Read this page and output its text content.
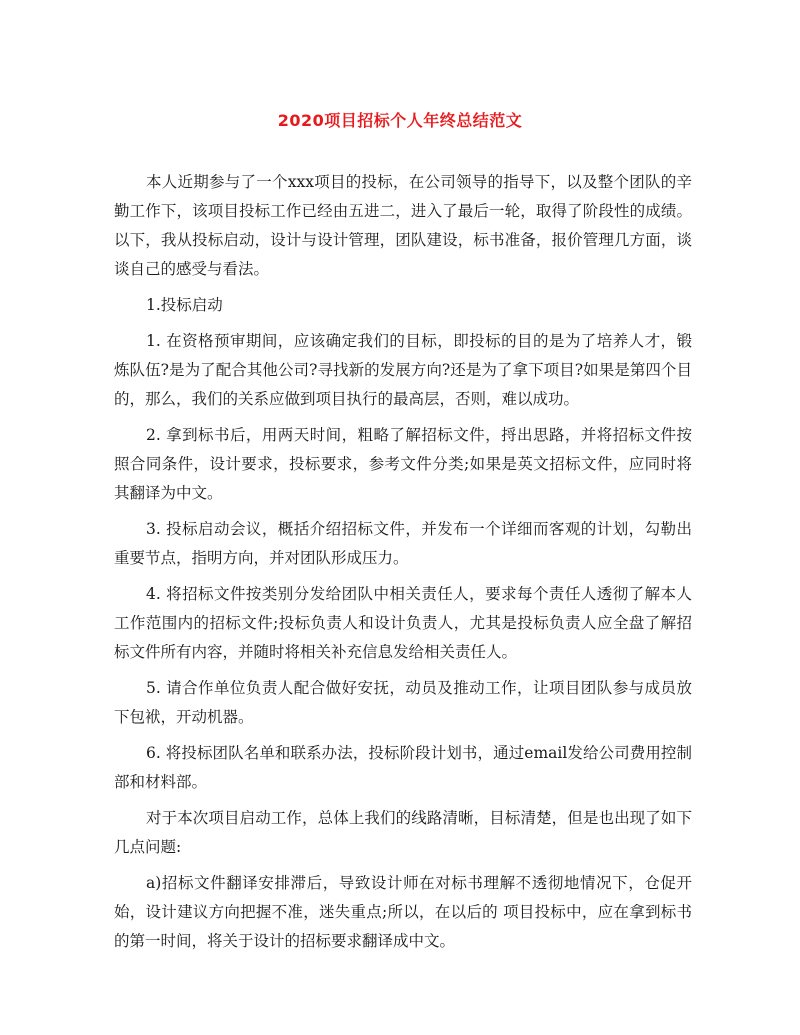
2020项目招标个人年终总结范文

本人近期参与了一个xxx项目的投标，在公司领导的指导下，以及整个团队的辛勤工作下，该项目投标工作已经由五进二，进入了最后一轮，取得了阶段性的成绩。以下，我从投标启动，设计与设计管理，团队建设，标书准备，报价管理几方面，谈谈自己的感受与看法。

1.投标启动

1. 在资格预审期间，应该确定我们的目标，即投标的目的是为了培养人才，锻炼队伍?是为了配合其他公司?寻找新的发展方向?还是为了拿下项目?如果是第四个目的，那么，我们的关系应做到项目执行的最高层，否则，难以成功。

2. 拿到标书后，用两天时间，粗略了解招标文件，捋出思路，并将招标文件按照合同条件，设计要求，投标要求，参考文件分类;如果是英文招标文件，应同时将其翻译为中文。

3. 投标启动会议，概括介绍招标文件，并发布一个详细而客观的计划，勾勒出重要节点，指明方向，并对团队形成压力。

4. 将招标文件按类别分发给团队中相关责任人，要求每个责任人透彻了解本人工作范围内的招标文件;投标负责人和设计负责人，尤其是投标负责人应全盘了解招标文件所有内容，并随时将相关补充信息发给相关责任人。

5. 请合作单位负责人配合做好安抚，动员及推动工作，让项目团队参与成员放下包袱，开动机器。

6. 将投标团队名单和联系办法，投标阶段计划书，通过email发给公司费用控制部和材料部。

对于本次项目启动工作，总体上我们的线路清晰，目标清楚，但是也出现了如下几点问题:

a)招标文件翻译安排滞后，导致设计师在对标书理解不透彻地情况下，仓促开始，设计建议方向把握不准，迷失重点;所以，在以后的 项目投标中，应在拿到标书的第一时间，将关于设计的招标要求翻译成中文。
